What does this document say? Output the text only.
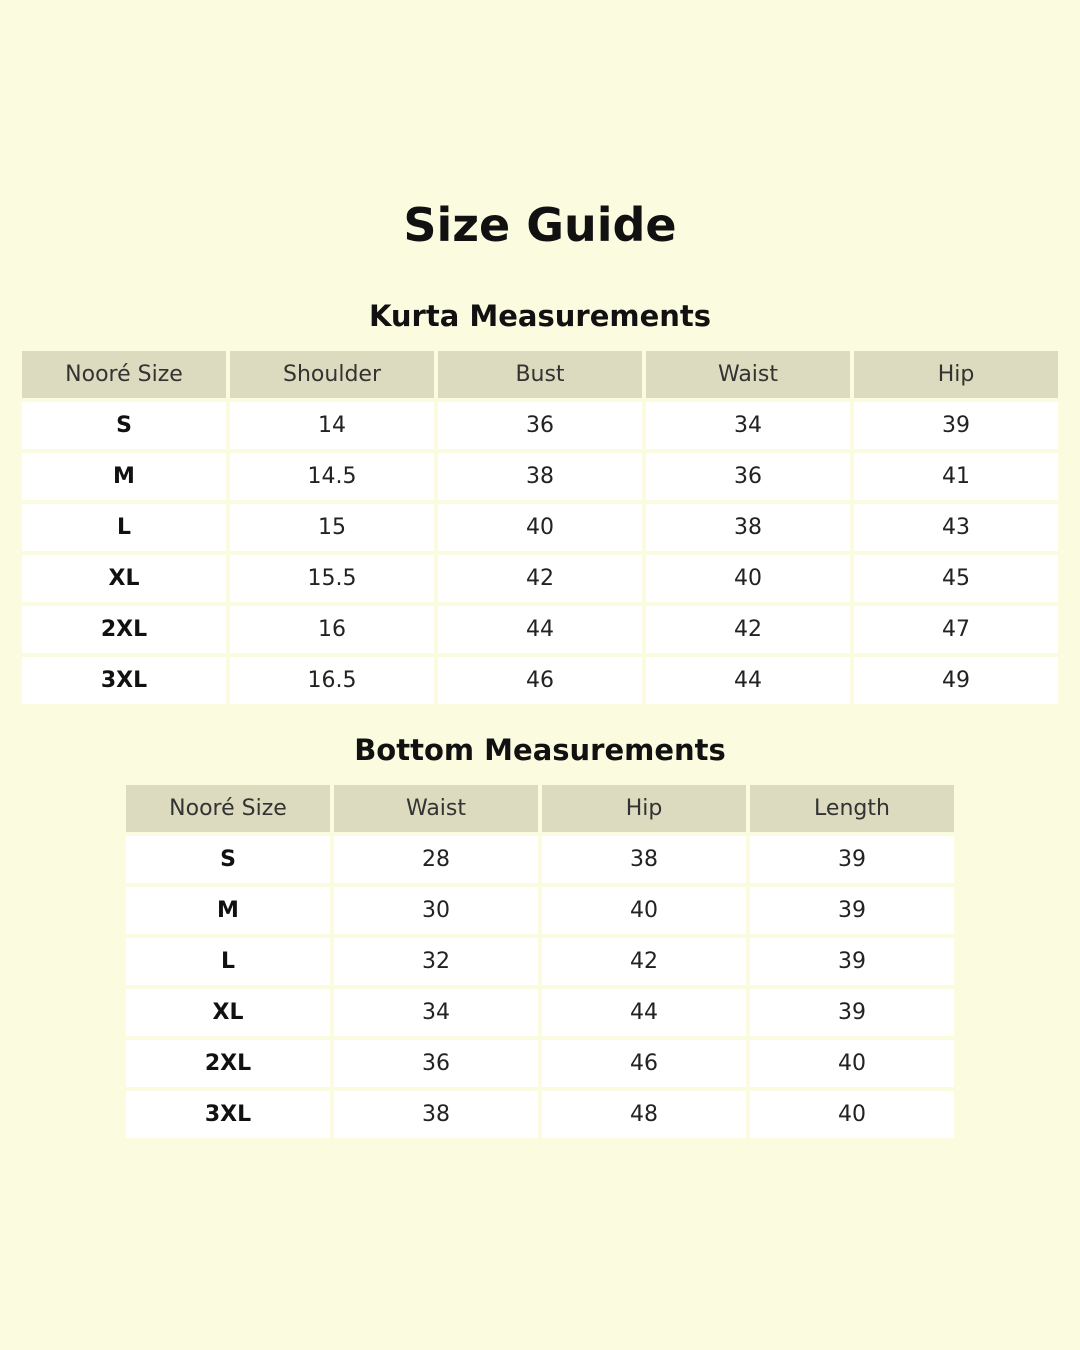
Size Guide
Kurta Measurements
Nooré Size	Shoulder	Bust	Waist	Hip
S	14	36	34	39
M	14.5	38	36	41
L	15	40	38	43
XL	15.5	42	40	45
2XL	16	44	42	47
3XL	16.5	46	44	49
Bottom Measurements
Nooré Size	Waist	Hip	Length
S	28	38	39
M	30	40	39
L	32	42	39
XL	34	44	39
2XL	36	46	40
3XL	38	48	40
